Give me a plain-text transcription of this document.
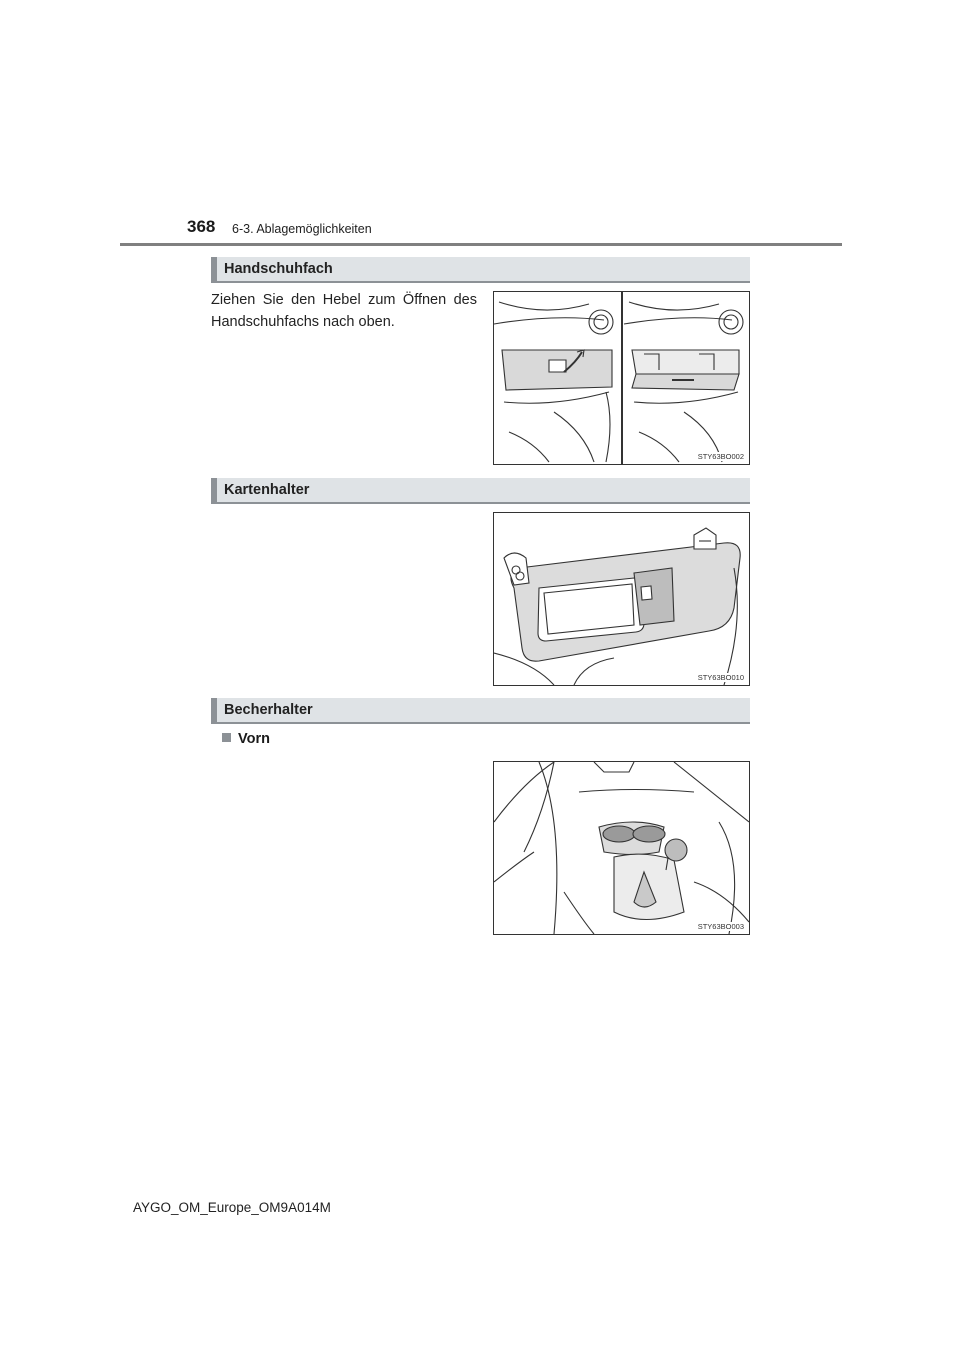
368 6-3. Ablagemöglichkeiten
Handschuhfach
Ziehen Sie den Hebel zum Öffnen des Handschuhfachs nach oben.
STY63BO002
Kartenhalter
STY63BO010
Becherhalter
Vorn
STY63BO003
AYGO_OM_Europe_OM9A014M
